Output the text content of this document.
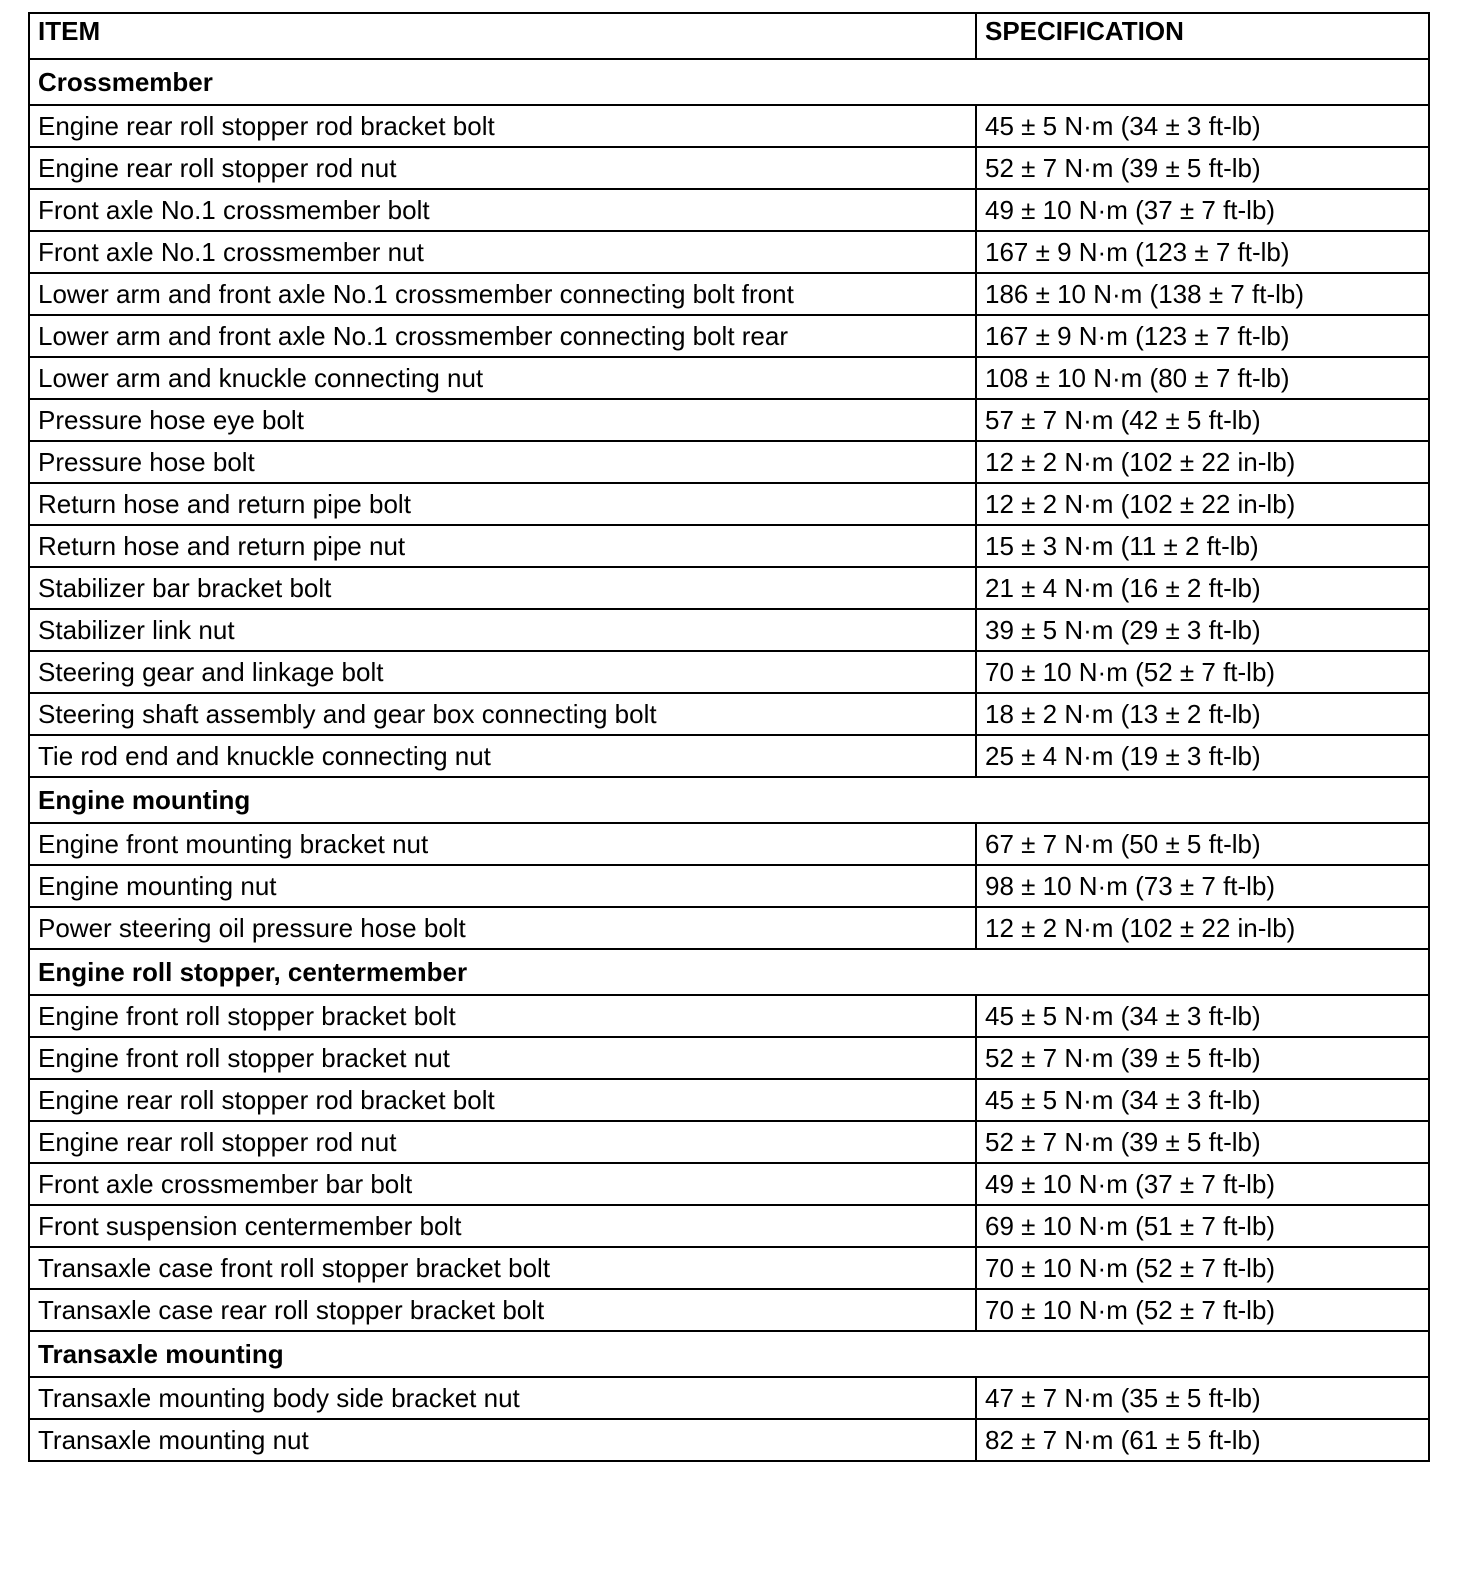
ITEM	SPECIFICATION
Crossmember	
Engine rear roll stopper rod bracket bolt	45 ± 5 N·m (34 ± 3 ft-lb)
Engine rear roll stopper rod nut	52 ± 7 N·m (39 ± 5 ft-lb)
Front axle No.1 crossmember bolt	49 ± 10 N·m (37 ± 7 ft-lb)
Front axle No.1 crossmember nut	167 ± 9 N·m (123 ± 7 ft-lb)
Lower arm and front axle No.1 crossmember connecting bolt front	186 ± 10 N·m (138 ± 7 ft-lb)
Lower arm and front axle No.1 crossmember connecting bolt rear	167 ± 9 N·m (123 ± 7 ft-lb)
Lower arm and knuckle connecting nut	108 ± 10 N·m (80 ± 7 ft-lb)
Pressure hose eye bolt	57 ± 7 N·m (42 ± 5 ft-lb)
Pressure hose bolt	12 ± 2 N·m (102 ± 22 in-lb)
Return hose and return pipe bolt	12 ± 2 N·m (102 ± 22 in-lb)
Return hose and return pipe nut	15 ± 3 N·m (11 ± 2 ft-lb)
Stabilizer bar bracket bolt	21 ± 4 N·m (16 ± 2 ft-lb)
Stabilizer link nut	39 ± 5 N·m (29 ± 3 ft-lb)
Steering gear and linkage bolt	70 ± 10 N·m (52 ± 7 ft-lb)
Steering shaft assembly and gear box connecting bolt	18 ± 2 N·m (13 ± 2 ft-lb)
Tie rod end and knuckle connecting nut	25 ± 4 N·m (19 ± 3 ft-lb)
Engine mounting	
Engine front mounting bracket nut	67 ± 7 N·m (50 ± 5 ft-lb)
Engine mounting nut	98 ± 10 N·m (73 ± 7 ft-lb)
Power steering oil pressure hose bolt	12 ± 2 N·m (102 ± 22 in-lb)
Engine roll stopper, centermember	
Engine front roll stopper bracket bolt	45 ± 5 N·m (34 ± 3 ft-lb)
Engine front roll stopper bracket nut	52 ± 7 N·m (39 ± 5 ft-lb)
Engine rear roll stopper rod bracket bolt	45 ± 5 N·m (34 ± 3 ft-lb)
Engine rear roll stopper rod nut	52 ± 7 N·m (39 ± 5 ft-lb)
Front axle crossmember bar bolt	49 ± 10 N·m (37 ± 7 ft-lb)
Front suspension centermember bolt	69 ± 10 N·m (51 ± 7 ft-lb)
Transaxle case front roll stopper bracket bolt	70 ± 10 N·m (52 ± 7 ft-lb)
Transaxle case rear roll stopper bracket bolt	70 ± 10 N·m (52 ± 7 ft-lb)
Transaxle mounting	
Transaxle mounting body side bracket nut	47 ± 7 N·m (35 ± 5 ft-lb)
Transaxle mounting nut	82 ± 7 N·m (61 ± 5 ft-lb)
